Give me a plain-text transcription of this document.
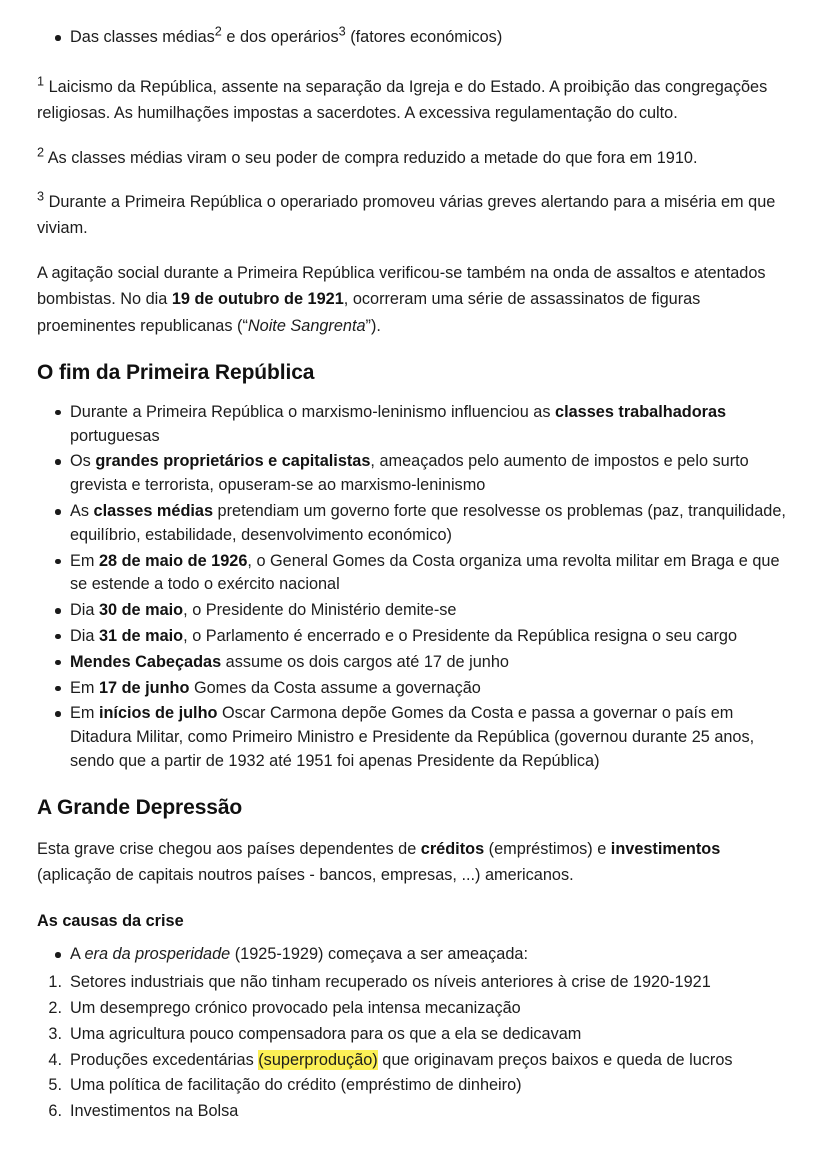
Das classes médias$^2$ e dos operários$^3$ (fatores económicos)

$^1$ Laicismo da República, assente na separação da Igreja e do Estado. A proibição das congregações religiosas. As humilhações impostas a sacerdotes. A excessiva regulamentação do culto.

$^2$ As classes médias viram o seu poder de compra reduzido a metade do que fora em 1910.

$^3$ Durante a Primeira República o operariado promoveu várias greves alertando para a miséria em que viviam.

A agitação social durante a Primeira República verificou-se também na onda de assaltos e atentados bombistas. No dia 19 de outubro de 1921, ocorreram uma série de assassinatos de figuras proeminentes republicanas (“Noite Sangrenta”).

O fim da Primeira República
Durante a Primeira República o marxismo-leninismo influenciou as classes trabalhadoras portuguesas
Os grandes proprietários e capitalistas, ameaçados pelo aumento de impostos e pelo surto grevista e terrorista, opuseram-se ao marxismo-leninismo
As classes médias pretendiam um governo forte que resolvesse os problemas (paz, tranquilidade, equilíbrio, estabilidade, desenvolvimento económico)
Em 28 de maio de 1926, o General Gomes da Costa organiza uma revolta militar em Braga e que se estende a todo o exército nacional
Dia 30 de maio, o Presidente do Ministério demite-se
Dia 31 de maio, o Parlamento é encerrado e o Presidente da República resigna o seu cargo
Mendes Cabeçadas assume os dois cargos até 17 de junho
Em 17 de junho Gomes da Costa assume a governação
Em inícios de julho Oscar Carmona depõe Gomes da Costa e passa a governar o país em Ditadura Militar, como Primeiro Ministro e Presidente da República (governou durante 25 anos, sendo que a partir de 1932 até 1951 foi apenas Presidente da República)
A Grande Depressão

Esta grave crise chegou aos países dependentes de créditos (empréstimos) e investimentos (aplicação de capitais noutros países - bancos, empresas, ...) americanos.

As causas da crise
A era da prosperidade (1925-1929) começava a ser ameaçada:
Setores industriais que não tinham recuperado os níveis anteriores à crise de 1920-1921
Um desemprego crónico provocado pela intensa mecanização
Uma agricultura pouco compensadora para os que a ela se dedicavam
Produções excedentárias (superprodução) que originavam preços baixos e queda de lucros
Uma política de facilitação do crédito (empréstimo de dinheiro)
Investimentos na Bolsa
